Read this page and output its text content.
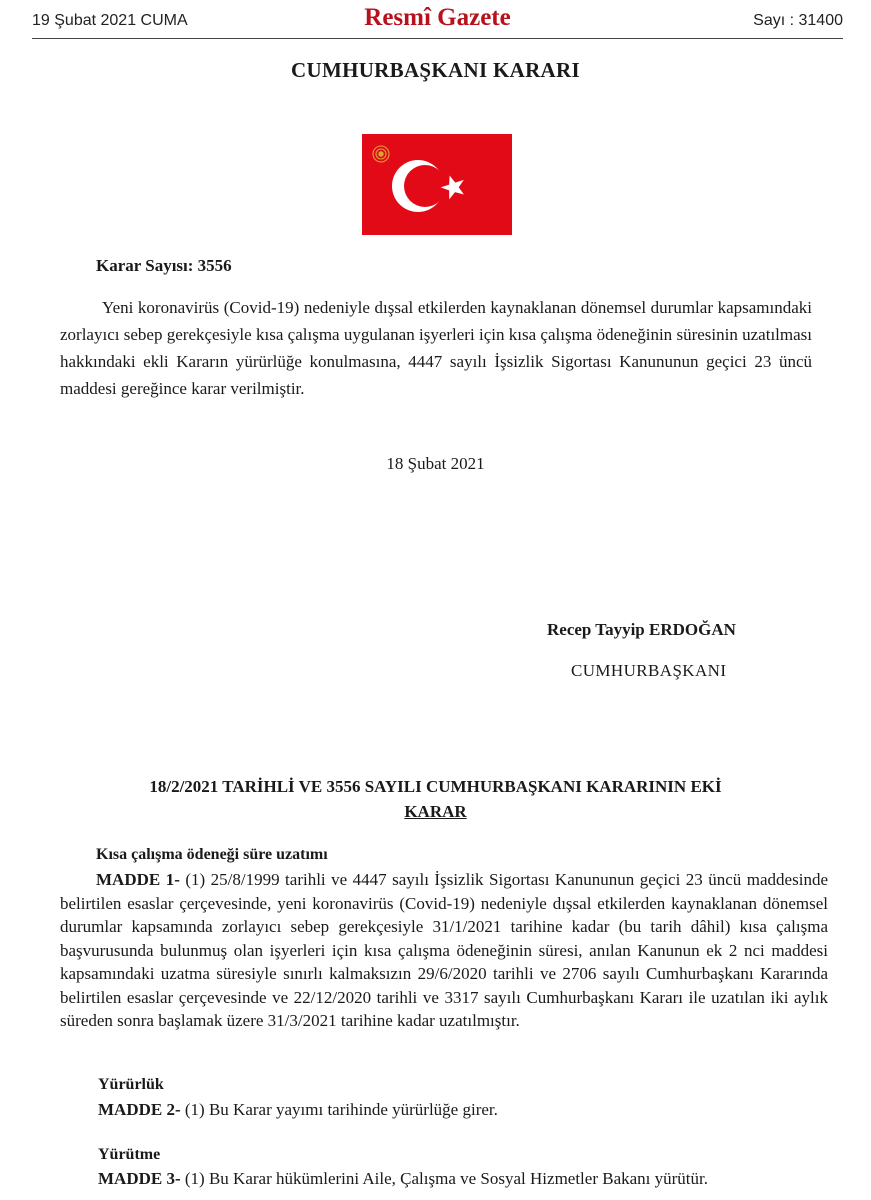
19 Şubat 2021 CUMA	Resmî Gazete	Sayı : 31400
CUMHURBAŞKANI KARARI
Karar Sayısı: 3556

Yeni koronavirüs (Covid-19) nedeniyle dışsal etkilerden kaynaklanan dönemsel durumlar kapsamındaki zorlayıcı sebep gerekçesiyle kısa çalışma uygulanan işyerleri için kısa çalışma ödeneğinin süresinin uzatılması hakkındaki ekli Kararın yürürlüğe konulmasına, 4447 sayılı İşsizlik Sigortası Kanununun geçici 23 üncü maddesi gereğince karar verilmiştir.

18 Şubat 2021
Recep Tayyip ERDOĞAN
CUMHURBAŞKANI
18/2/2021 TARİHLİ VE 3556 SAYILI CUMHURBAŞKANI KARARININ EKİ
KARAR
Kısa çalışma ödeneği süre uzatımı

MADDE 1- (1) 25/8/1999 tarihli ve 4447 sayılı İşsizlik Sigortası Kanununun geçici 23 üncü maddesinde belirtilen esaslar çerçevesinde, yeni koronavirüs (Covid-19) nedeniyle dışsal etkilerden kaynaklanan dönemsel durumlar kapsamında zorlayıcı sebep gerekçesiyle 31/1/2021 tarihine kadar (bu tarih dâhil) kısa çalışma başvurusunda bulunmuş olan işyerleri için kısa çalışma ödeneğinin süresi, anılan Kanunun ek 2 nci maddesi kapsamındaki uzatma süresiyle sınırlı kalmaksızın 29/6/2020 tarihli ve 2706 sayılı Cumhurbaşkanı Kararında belirtilen esaslar çerçevesinde ve 22/12/2020 tarihli ve 3317 sayılı Cumhurbaşkanı Kararı ile uzatılan iki aylık süreden sonra başlamak üzere 31/3/2021 tarihine kadar uzatılmıştır.

Yürürlük

MADDE 2- (1) Bu Karar yayımı tarihinde yürürlüğe girer.

Yürütme

MADDE 3- (1) Bu Karar hükümlerini Aile, Çalışma ve Sosyal Hizmetler Bakanı yürütür.
